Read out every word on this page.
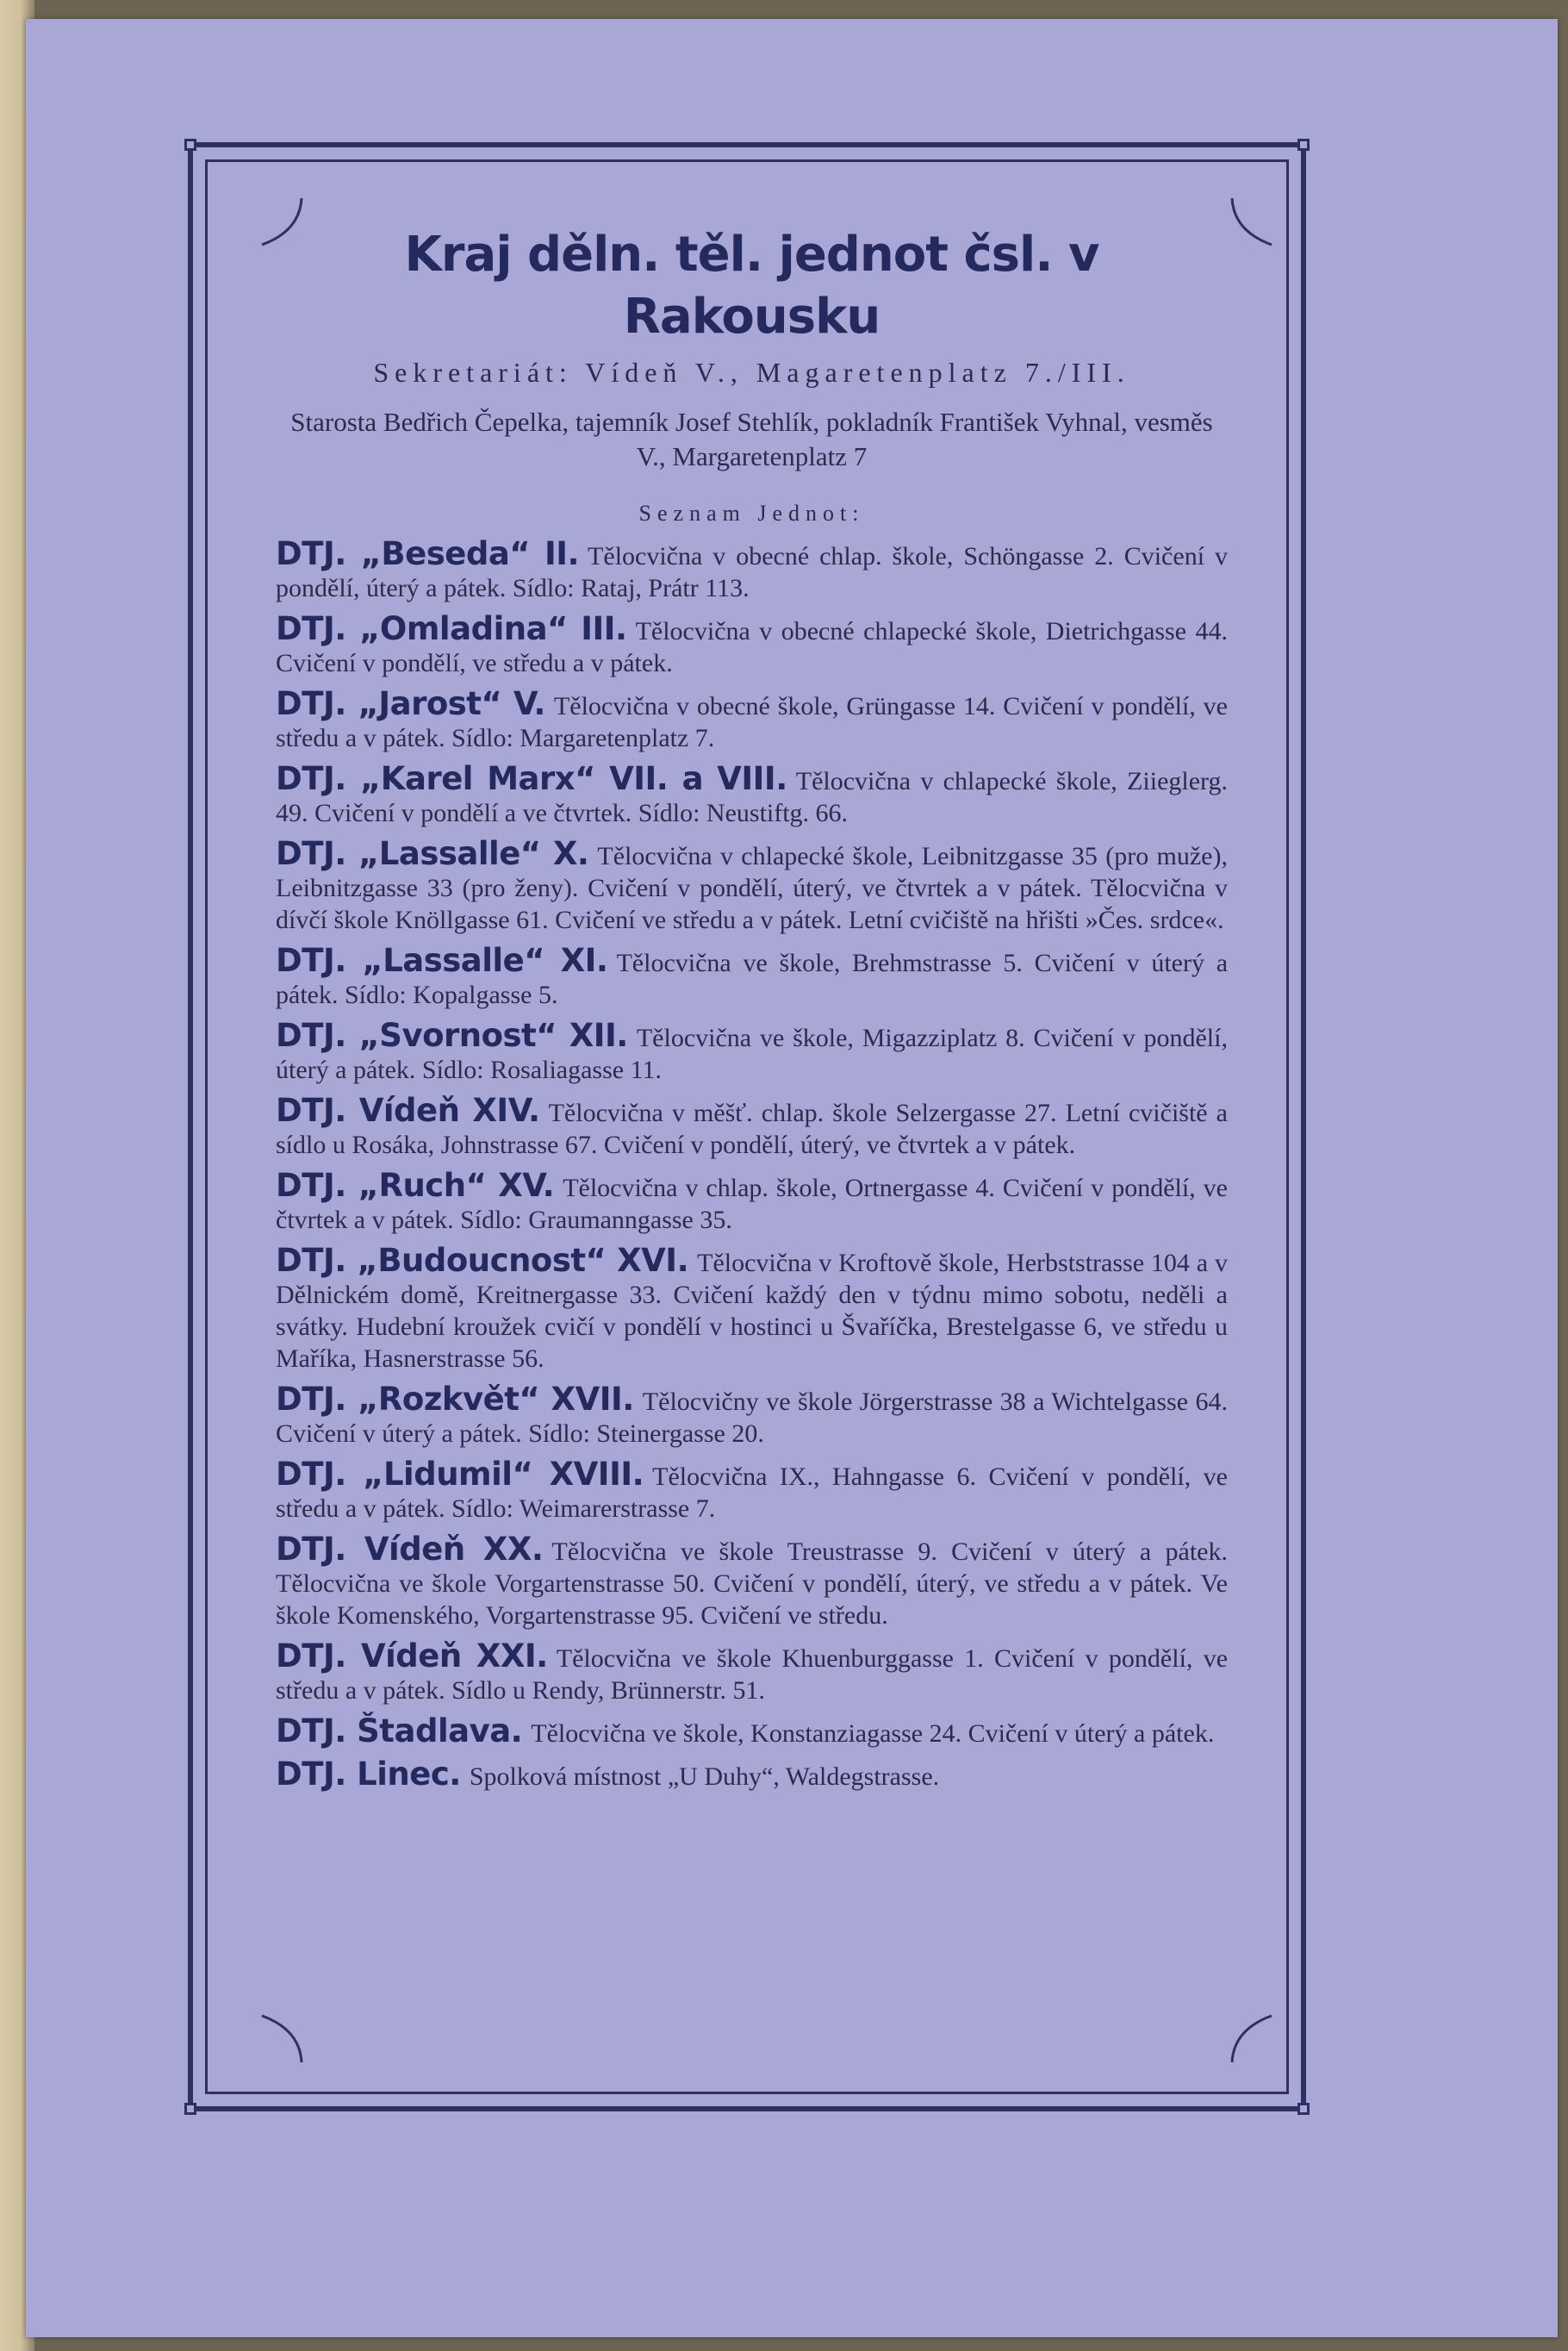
Kraj děln. těl. jednot čsl. v Rakousku
Sekretariát: Vídeň V., Magaretenplatz 7./III.
Starosta Bedřich Čepelka, tajemník Josef Stehlík, pokladník František Vyhnal, vesměs V., Margaretenplatz 7
Seznam Jednot:
DTJ. „Beseda“ II. Tělocvična v obecné chlap. škole, Schöngasse 2. Cvičení v pondělí, úterý a pátek. Sídlo: Rataj, Prátr 113.
DTJ. „Omladina“ III. Tělocvična v obecné chlapecké škole, Dietrichgasse 44. Cvičení v pondělí, ve středu a v pátek.
DTJ. „Jarost“ V. Tělocvična v obecné škole, Grüngasse 14. Cvičení v pondělí, ve středu a v pátek. Sídlo: Margaretenplatz 7.
DTJ. „Karel Marx“ VII. a VIII. Tělocvična v chlapecké škole, Ziieglerg. 49. Cvičení v pondělí a ve čtvrtek. Sídlo: Neustiftg. 66.
DTJ. „Lassalle“ X. Tělocvična v chlapecké škole, Leibnitzgasse 35 (pro muže), Leibnitzgasse 33 (pro ženy). Cvičení v pondělí, úterý, ve čtvrtek a v pátek. Tělocvična v dívčí škole Knöllgasse 61. Cvičení ve středu a v pátek. Letní cvičiště na hřišti »Čes. srdce«.
DTJ. „Lassalle“ XI. Tělocvična ve škole, Brehmstrasse 5. Cvičení v úterý a pátek. Sídlo: Kopalgasse 5.
DTJ. „Svornost“ XII. Tělocvična ve škole, Migazziplatz 8. Cvičení v pondělí, úterý a pátek. Sídlo: Rosaliagasse 11.
DTJ. Vídeň XIV. Tělocvična v měšť. chlap. škole Selzergasse 27. Letní cvičiště a sídlo u Rosáka, Johnstrasse 67. Cvičení v pondělí, úterý, ve čtvrtek a v pátek.
DTJ. „Ruch“ XV. Tělocvična v chlap. škole, Ortnergasse 4. Cvičení v pondělí, ve čtvrtek a v pátek. Sídlo: Graumanngasse 35.
DTJ. „Budoucnost“ XVI. Tělocvična v Kroftově škole, Herbststrasse 104 a v Dělnickém domě, Kreitnergasse 33. Cvičení každý den v týdnu mimo sobotu, neděli a svátky. Hudební kroužek cvičí v pondělí v hostinci u Švaříčka, Brestelgasse 6, ve středu u Maříka, Hasnerstrasse 56.
DTJ. „Rozkvět“ XVII. Tělocvičny ve škole Jörgerstrasse 38 a Wichtelgasse 64. Cvičení v úterý a pátek. Sídlo: Steinergasse 20.
DTJ. „Lidumil“ XVIII. Tělocvična IX., Hahngasse 6. Cvičení v pondělí, ve středu a v pátek. Sídlo: Weimarerstrasse 7.
DTJ. Vídeň XX. Tělocvična ve škole Treustrasse 9. Cvičení v úterý a pátek. Tělocvična ve škole Vorgartenstrasse 50. Cvičení v pondělí, úterý, ve středu a v pátek. Ve škole Komenského, Vorgartenstrasse 95. Cvičení ve středu.
DTJ. Vídeň XXI. Tělocvična ve škole Khuenburggasse 1. Cvičení v pondělí, ve středu a v pátek. Sídlo u Rendy, Brünnerstr. 51.
DTJ. Štadlava. Tělocvična ve škole, Konstanziagasse 24. Cvičení v úterý a pátek.
DTJ. Linec. Spolková místnost „U Duhy“, Waldegstrasse.
